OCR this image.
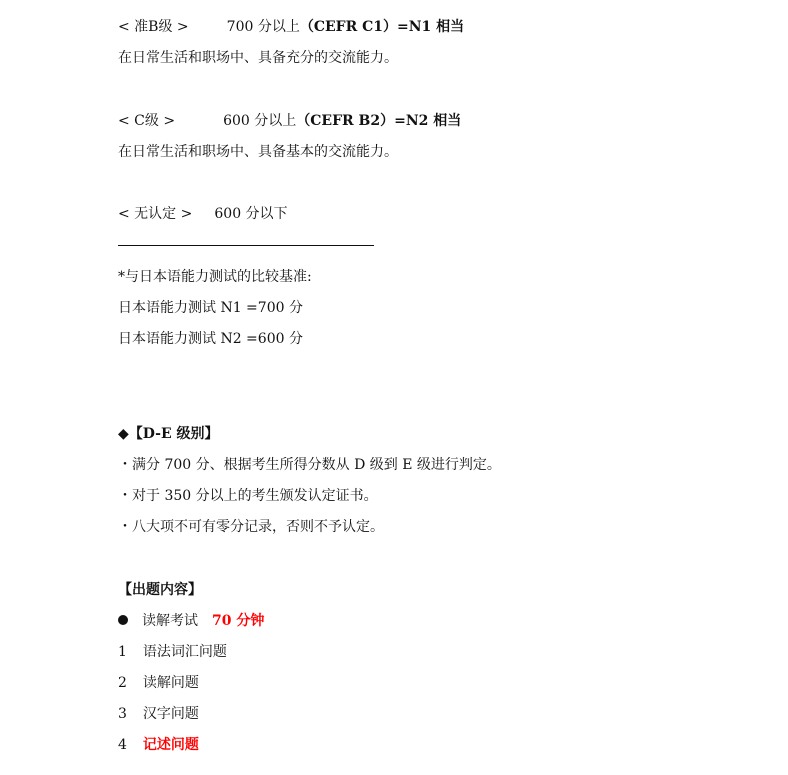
< 准B级 >	700 分以上（CEFR C1）=N1 相当
在日常生活和职场中、具备充分的交流能力。
< C级 >	600 分以上（CEFR B2）=N2 相当
在日常生活和职场中、具备基本的交流能力。
< 无认定 > 600 分以下
*与日本语能力测试的比较基准:
日本语能力测试 N1 =700 分
日本语能力测试 N2 =600 分
◆【D-E 级别】
・满分 700 分、根据考生所得分数从 D 级到 E 级进行判定。
・对于 350 分以上的考生颁发认定证书。
・八大项不可有零分记录，否则不予认定。
【出题内容】
读解考试 70 分钟
1 语法词汇问题
2 读解问题
3 汉字问题
4 记述问题
